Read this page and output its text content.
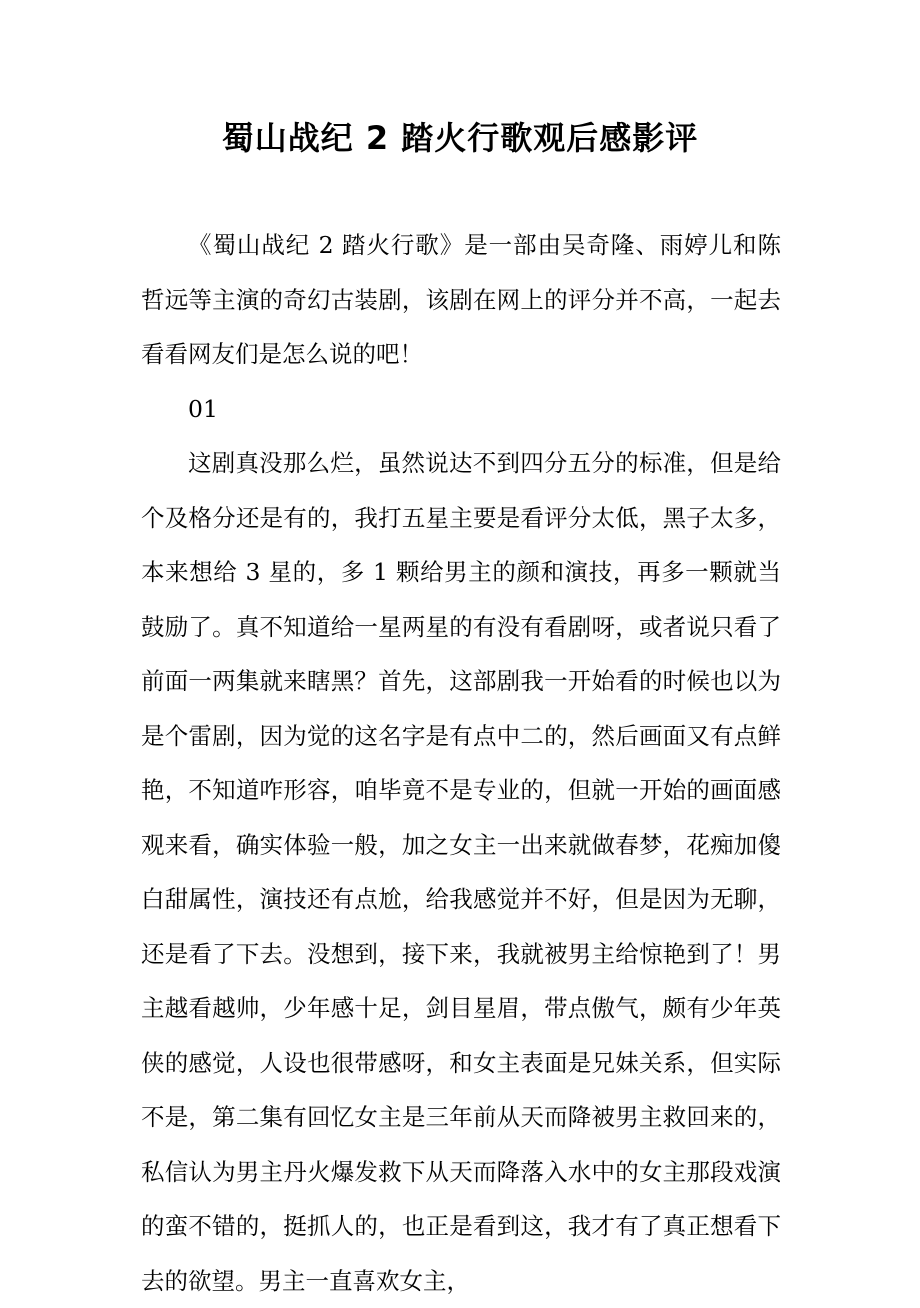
蜀山战纪 2 踏火行歌观后感影评

《蜀山战纪 2 踏火行歌》是一部由吴奇隆、雨婷儿和陈哲远等主演的奇幻古装剧，该剧在网上的评分并不高，一起去看看网友们是怎么说的吧！

01

这剧真没那么烂，虽然说达不到四分五分的标准，但是给个及格分还是有的，我打五星主要是看评分太低，黑子太多，本来想给 3 星的，多 1 颗给男主的颜和演技，再多一颗就当鼓励了。真不知道给一星两星的有没有看剧呀，或者说只看了前面一两集就来瞎黑？首先，这部剧我一开始看的时候也以为是个雷剧，因为觉的这名字是有点中二的，然后画面又有点鲜艳，不知道咋形容，咱毕竟不是专业的，但就一开始的画面感观来看，确实体验一般，加之女主一出来就做春梦，花痴加傻白甜属性，演技还有点尬，给我感觉并不好，但是因为无聊，还是看了下去。没想到，接下来，我就被男主给惊艳到了！男主越看越帅，少年感十足，剑目星眉，带点傲气，颇有少年英侠的感觉，人设也很带感呀，和女主表面是兄妹关系，但实际不是，第二集有回忆女主是三年前从天而降被男主救回来的，私信认为男主丹火爆发救下从天而降落入水中的女主那段戏演的蛮不错的，挺抓人的，也正是看到这，我才有了真正想看下去的欲望。男主一直喜欢女主，
